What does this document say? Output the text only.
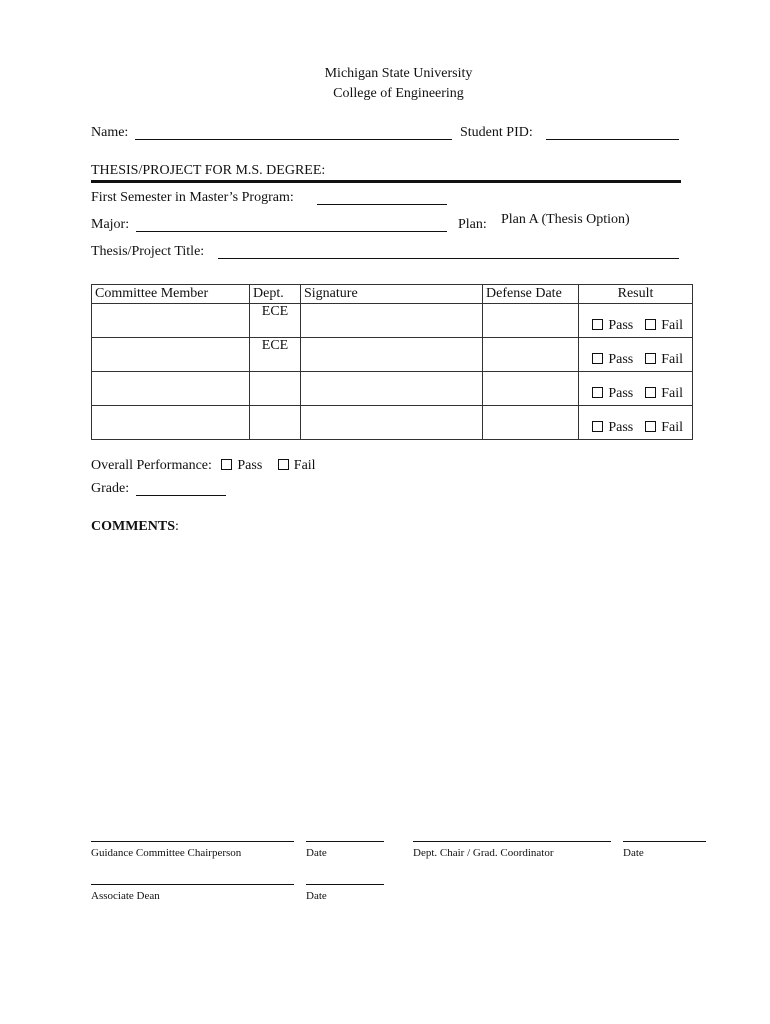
Michigan State University
College of Engineering
Name:	Student PID:
THESIS/PROJECT FOR M.S. DEGREE:
First Semester in Master’s Program:
Major:	Plan: Plan A (Thesis Option)
Thesis/Project Title:
Committee Member	Dept.	Signature	Defense Date	Result
	ECE			Pass Fail

	ECE			Pass Fail

				Pass Fail

				Pass Fail
Overall Performance: Pass Fail
Grade:
COMMENTS:
Guidance Committee Chairperson	Date	Dept. Chair / Grad. Coordinator	Date
Associate Dean	Date
